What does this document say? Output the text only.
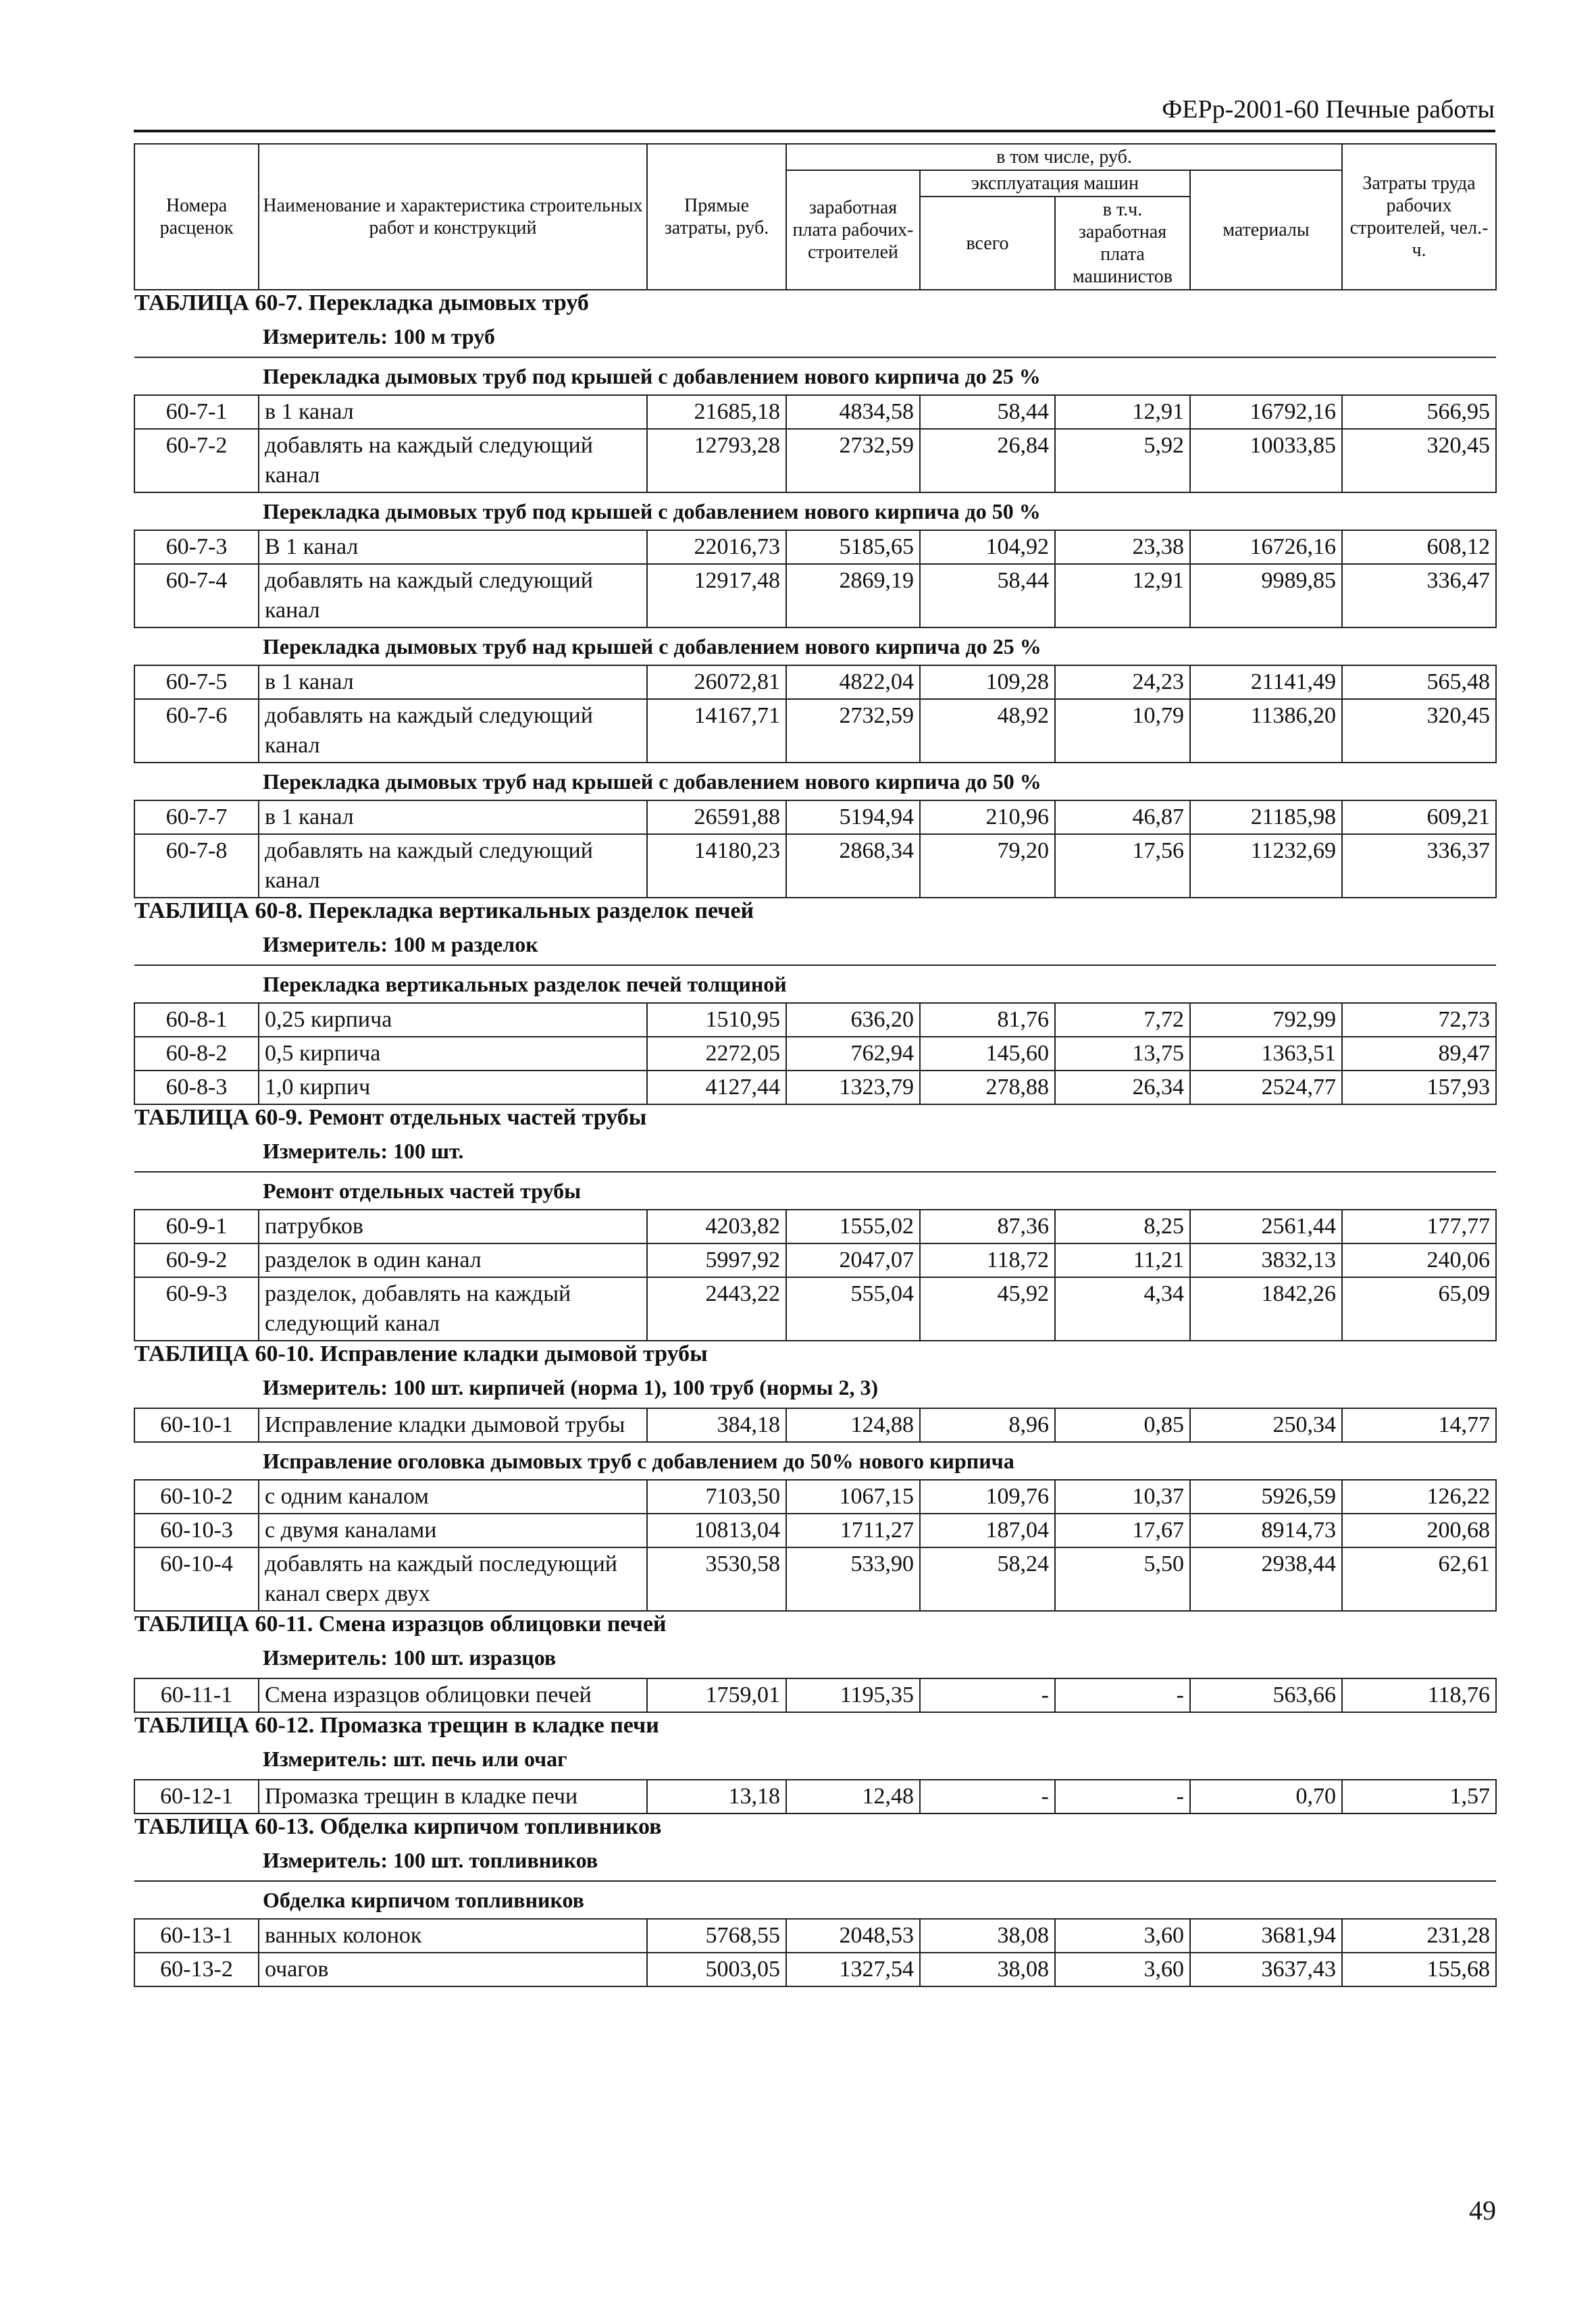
ФЕРр-2001-60 Печные работы
Номера расценок	Наименование и характеристика строительных работ и конструкций	Прямые затраты, руб.	в том числе, руб.				Затраты труда рабочих строителей, чел.-ч.
			заработная плата рабочих-строителей	эксплуатация машин		материалы	
				всего	в т.ч. заработная плата машинистов		
ТАБЛИЦА 60-7. Перекладка дымовых труб							
Измеритель: 100 м труб							
Перекладка дымовых труб под крышей с добавлением нового кирпича до 25 %							
60-7-1	в 1 канал	21685,18	4834,58	58,44	12,91	16792,16	566,95
60-7-2	добавлять на каждый следующий канал	12793,28	2732,59	26,84	5,92	10033,85	320,45
Перекладка дымовых труб под крышей с добавлением нового кирпича до 50 %							
60-7-3	В 1 канал	22016,73	5185,65	104,92	23,38	16726,16	608,12
60-7-4	добавлять на каждый следующий канал	12917,48	2869,19	58,44	12,91	9989,85	336,47
Перекладка дымовых труб над крышей с добавлением нового кирпича до 25 %							
60-7-5	в 1 канал	26072,81	4822,04	109,28	24,23	21141,49	565,48
60-7-6	добавлять на каждый следующий канал	14167,71	2732,59	48,92	10,79	11386,20	320,45
Перекладка дымовых труб над крышей с добавлением нового кирпича до 50 %							
60-7-7	в 1 канал	26591,88	5194,94	210,96	46,87	21185,98	609,21
60-7-8	добавлять на каждый следующий канал	14180,23	2868,34	79,20	17,56	11232,69	336,37
ТАБЛИЦА 60-8. Перекладка вертикальных разделок печей							
Измеритель: 100 м разделок							
Перекладка вертикальных разделок печей толщиной							
60-8-1	0,25 кирпича	1510,95	636,20	81,76	7,72	792,99	72,73
60-8-2	0,5 кирпича	2272,05	762,94	145,60	13,75	1363,51	89,47
60-8-3	1,0 кирпич	4127,44	1323,79	278,88	26,34	2524,77	157,93
ТАБЛИЦА 60-9. Ремонт отдельных частей трубы							
Измеритель: 100 шт.							
Ремонт отдельных частей трубы							
60-9-1	патрубков	4203,82	1555,02	87,36	8,25	2561,44	177,77
60-9-2	разделок в один канал	5997,92	2047,07	118,72	11,21	3832,13	240,06
60-9-3	разделок, добавлять на каждый следующий канал	2443,22	555,04	45,92	4,34	1842,26	65,09
ТАБЛИЦА 60-10. Исправление кладки дымовой трубы							
Измеритель: 100 шт. кирпичей (норма 1), 100 труб (нормы 2, 3)							
60-10-1	Исправление кладки дымовой трубы	384,18	124,88	8,96	0,85	250,34	14,77
Исправление оголовка дымовых труб с добавлением до 50% нового кирпича							
60-10-2	с одним каналом	7103,50	1067,15	109,76	10,37	5926,59	126,22
60-10-3	с двумя каналами	10813,04	1711,27	187,04	17,67	8914,73	200,68
60-10-4	добавлять на каждый последующий канал сверх двух	3530,58	533,90	58,24	5,50	2938,44	62,61
ТАБЛИЦА 60-11. Смена изразцов облицовки печей							
Измеритель: 100 шт. изразцов							
60-11-1	Смена изразцов облицовки печей	1759,01	1195,35	-	-	563,66	118,76
ТАБЛИЦА 60-12. Промазка трещин в кладке печи							
Измеритель: шт. печь или очаг							
60-12-1	Промазка трещин в кладке печи	13,18	12,48	-	-	0,70	1,57
ТАБЛИЦА 60-13. Обделка кирпичом топливников							
Измеритель: 100 шт. топливников							
Обделка кирпичом топливников							
60-13-1	ванных колонок	5768,55	2048,53	38,08	3,60	3681,94	231,28
60-13-2	очагов	5003,05	1327,54	38,08	3,60	3637,43	155,68
49
